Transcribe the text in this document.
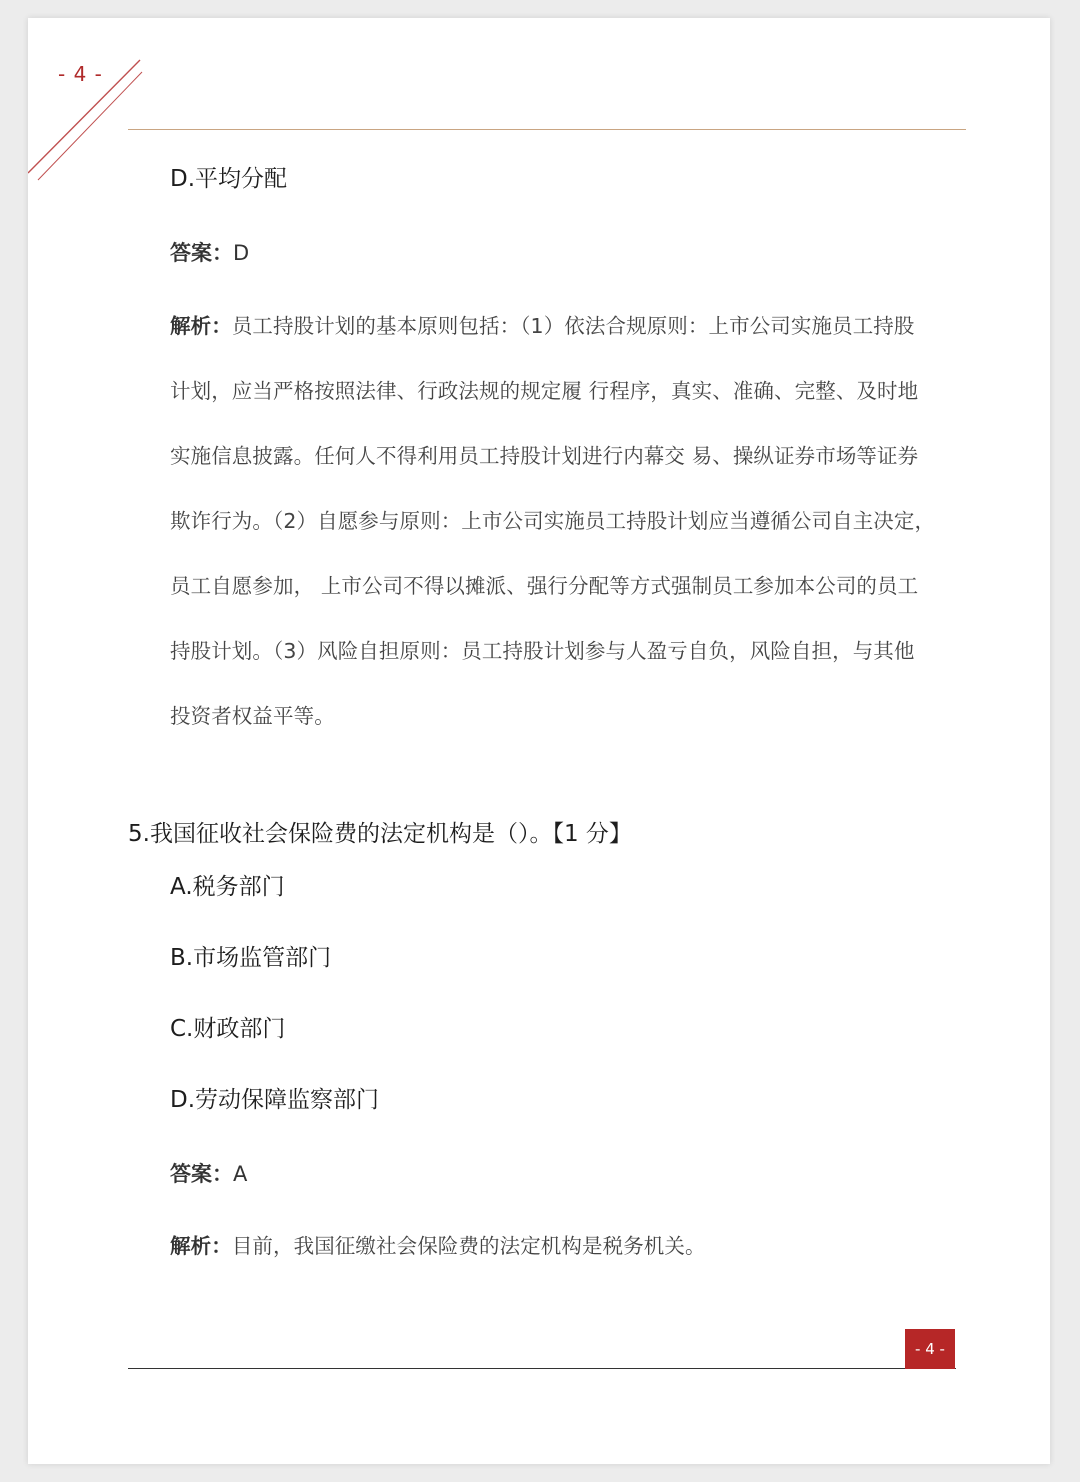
- 4 -
D.平均分配
答案：D
解析：员工持股计划的基本原则包括：（1）依法合规原则：上市公司实施员工持股
计划，应当严格按照法律、行政法规的规定履 行程序，真实、准确、完整、及时地
实施信息披露。任何人不得利用员工持股计划进行内幕交 易、操纵证券市场等证券
欺诈行为。（2）自愿参与原则：上市公司实施员工持股计划应当遵循公司自主决定，
员工自愿参加， 上市公司不得以摊派、强行分配等方式强制员工参加本公司的员工
持股计划。（3）风险自担原则：员工持股计划参与人盈亏自负，风险自担，与其他
投资者权益平等。
5.我国征收社会保险费的法定机构是（）。【1 分】
A.税务部门
B.市场监管部门
C.财政部门
D.劳动保障监察部门
答案：A
解析：目前，我国征缴社会保险费的法定机构是税务机关。
- 4 -
